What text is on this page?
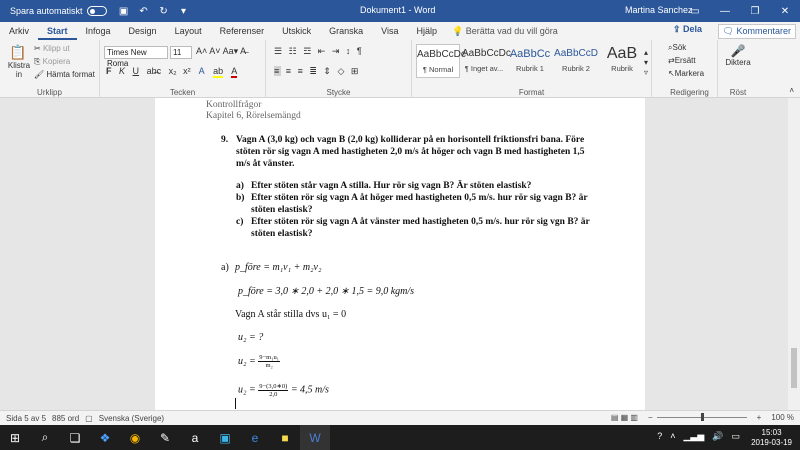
Spara automatiskt	▣ ↶ ↻	▾	Dokument1 - Word	Martina Sanchez
▭	—	❐	✕
Arkiv	Start	Infoga	Design	Layout	Referenser	Utskick	Granska	Visa	Hjälp	💡 Berätta vad du vill göra	⇪ Dela	🗨 Kommentarer
📋
Klistra in
✂ Klipp ut
⎘ Kopiera
🖌 Hämta format
Urklipp
Times New Roma
11	A˄ A˅ Aa▾ A̶
F K U ab̶c x₂ x² A ab A
Tecken
☰ ☷ ☲ ⇤ ⇥ ↕ ¶
≡ ≡ ≡ ≣ ⇕ ◇ ⊞
Stycke
AaBbCcDc
¶ Normal
AaBbCcDc
¶ Inget av...
AaBbCc
Rubrik 1
AaBbCcD
Rubrik 2
AaB
Rubrik
▴
▾
▿
Format
⌕Sök
⇄Ersätt
↖Markera
Redigering
🎤
Diktera
Röst	˄
Kontrollfrågor
Kapitel 6, Rörelsemängd
9. Vagn A (3,0 kg) och vagn B (2,0 kg) kolliderar på en horisontell friktionsfri bana. Före
stöten rör sig vagn A med hastigheten 2,0 m/s åt höger och vagn B med hastigheten 1,5
m/s åt vänster.
a) Efter stöten står vagn A stilla. Hur rör sig vagn B? Är stöten elastisk?
b) Efter stöten rör sig vagn A åt höger med hastigheten 0,5 m/s. hur rör sig vagn B? är
stöten elastisk?
c) Efter stöten rör sig vagn A åt vänster med hastigheten 0,5 m/s. hur rör sig vgn B? är
stöten elastisk?
a) p_före = m₁v₁ + m₂v₂
p_före = 3,0 ∗ 2,0 + 2,0 ∗ 1,5 = 9,0 kgm/s
Vagn A står stilla dvs u₁ = 0
u₂ = ?
$u_2 = \frac{\text{9−m₁u₁}}{\text{m₂}}$
$u_2 = \frac{9-(3,0∗0)}{2,0} = 4,5$ m/s
Sida 5 av 5 885 ord ▢ Svenska (Sverige)	▤ ▦ ▥ −	+ 100 %
⊞	⌕	❏	❖	◉	✎	a	▣	e	■	W	? ˄ ▁▃▅ 🔊 ▭	15:03
2019-03-19
